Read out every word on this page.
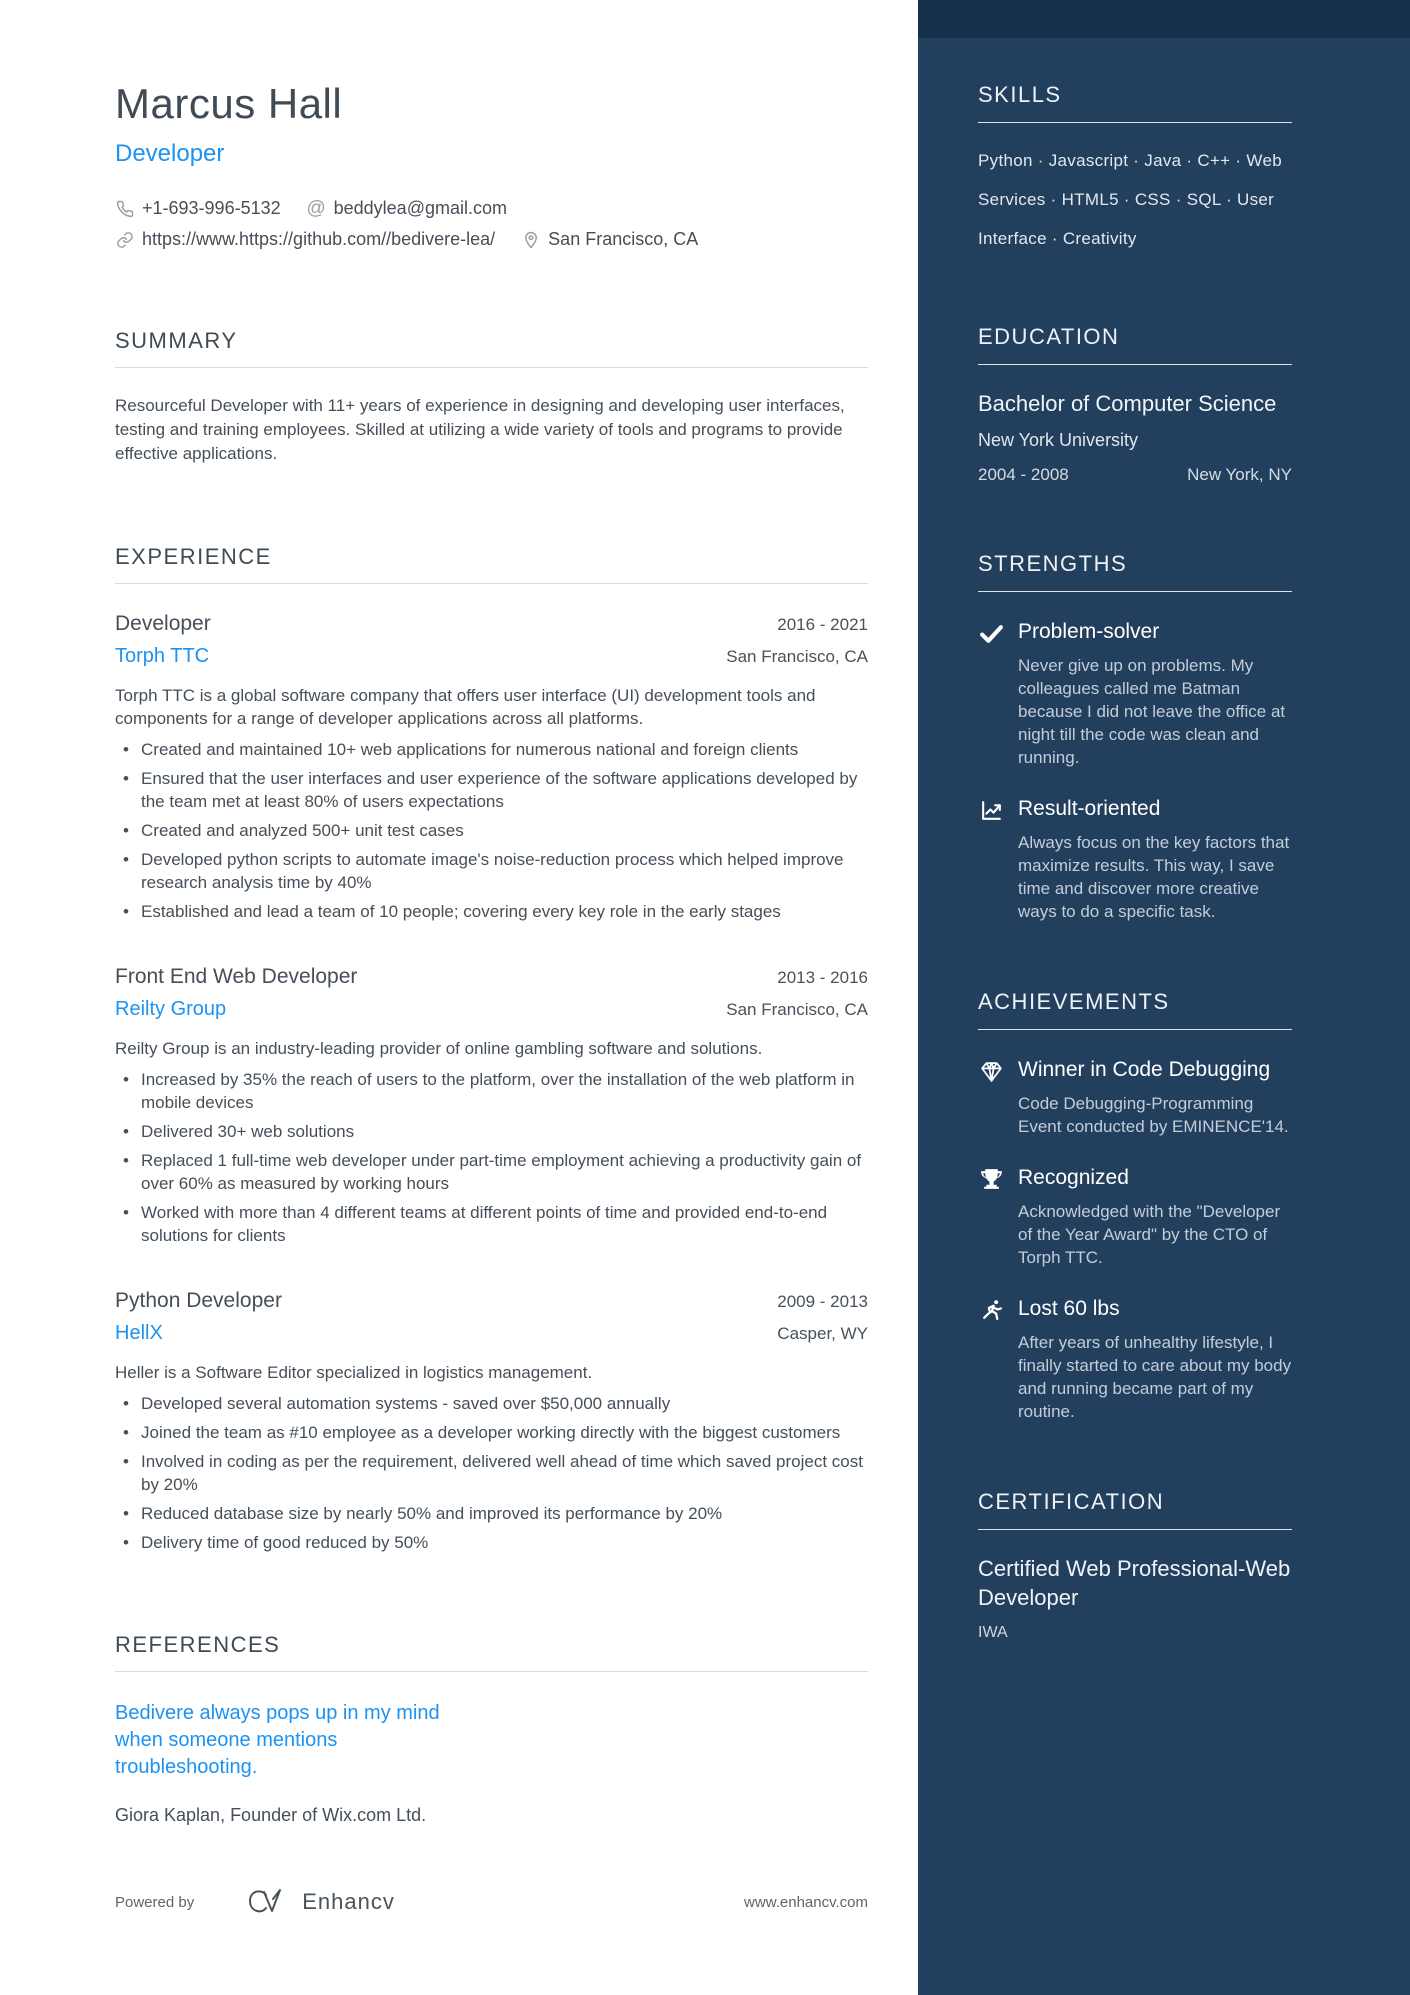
Marcus Hall
Developer
+1-693-996-5132 @ beddylea@gmail.com
https://www.https://github.com//bedivere-lea/	San Francisco, CA
SUMMARY

Resourceful Developer with 11+ years of experience in designing and developing user interfaces, testing and training employees. Skilled at utilizing a wide variety of tools and programs to provide effective applications.

EXPERIENCE
Developer	2016 - 2021
Torph TTC	San Francisco, CA

Torph TTC is a global software company that offers user interface (UI) development tools and components for a range of developer applications across all platforms.

• Created and maintained 10+ web applications for numerous national and foreign clients
• Ensured that the user interfaces and user experience of the software applications developed by the team met at least 80% of users expectations
• Created and analyzed 500+ unit test cases
• Developed python scripts to automate image's noise-reduction process which helped improve research analysis time by 40%
• Established and lead a team of 10 people; covering every key role in the early stages
Front End Web Developer	2013 - 2016
Reilty Group	San Francisco, CA

Reilty Group is an industry-leading provider of online gambling software and solutions.

• Increased by 35% the reach of users to the platform, over the installation of the web platform in mobile devices
• Delivered 30+ web solutions
• Replaced 1 full-time web developer under part-time employment achieving a productivity gain of over 60% as measured by working hours
• Worked with more than 4 different teams at different points of time and provided end-to-end solutions for clients
Python Developer	2009 - 2013
HellX	Casper, WY

Heller is a Software Editor specialized in logistics management.

• Developed several automation systems - saved over $50,000 annually
• Joined the team as #10 employee as a developer working directly with the biggest customers
• Involved in coding as per the requirement, delivered well ahead of time which saved project cost by 20%
• Reduced database size by nearly 50% and improved its performance by 20%
• Delivery time of good reduced by 50%
REFERENCES

Bedivere always pops up in my mind when someone mentions troubleshooting.

Giora Kaplan, Founder of Wix.com Ltd.

Powered by	Enhancv	www.enhancv.com
SKILLS

Python · Javascript · Java · C++ · Web Services · HTML5 · CSS · SQL · User Interface · Creativity

EDUCATION
Bachelor of Computer Science
New York University
2004 - 2008	New York, NY
STRENGTHS
Problem-solver

Never give up on problems. My colleagues called me Batman because I did not leave the office at night till the code was clean and running.

Result-oriented

Always focus on the key factors that maximize results. This way, I save time and discover more creative ways to do a specific task.

ACHIEVEMENTS
Winner in Code Debugging

Code Debugging-Programming Event conducted by EMINENCE'14.

Recognized

Acknowledged with the "Developer of the Year Award" by the CTO of Torph TTC.

Lost 60 lbs

After years of unhealthy lifestyle, I finally started to care about my body and running became part of my routine.

CERTIFICATION
Certified Web Professional-Web Developer
IWA
